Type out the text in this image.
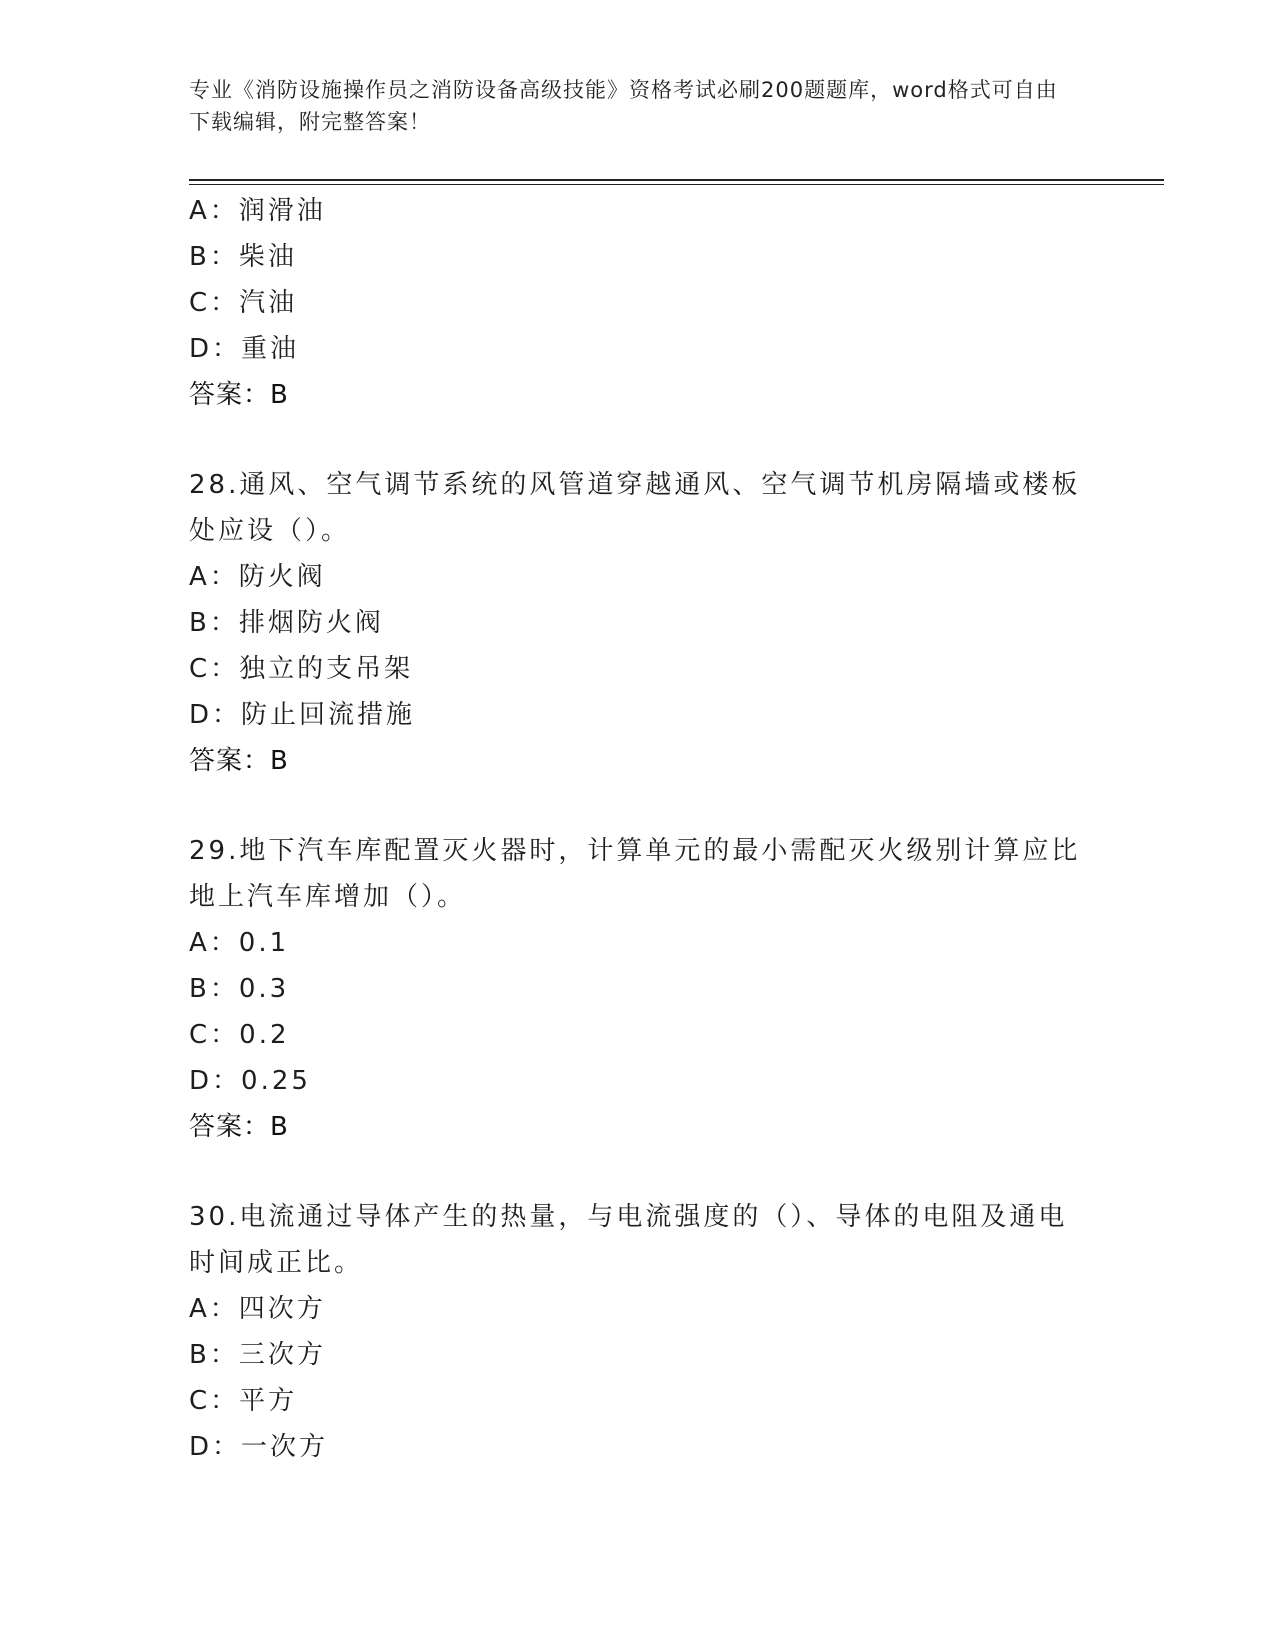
专业《消防设施操作员之消防设备高级技能》资格考试必刷200题题库，word格式可自由下载编辑，附完整答案！
A：润滑油
B：柴油
C：汽油
D：重油
答案：B
28.通风、空气调节系统的风管道穿越通风、空气调节机房隔墙或楼板处应设（）。
A：防火阀
B：排烟防火阀
C：独立的支吊架
D：防止回流措施
答案：B
29.地下汽车库配置灭火器时，计算单元的最小需配灭火级别计算应比地上汽车库增加（）。
A：0.1
B：0.3
C：0.2
D：0.25
答案：B
30.电流通过导体产生的热量，与电流强度的（）、导体的电阻及通电时间成正比。
A：四次方
B：三次方
C：平方
D：一次方
